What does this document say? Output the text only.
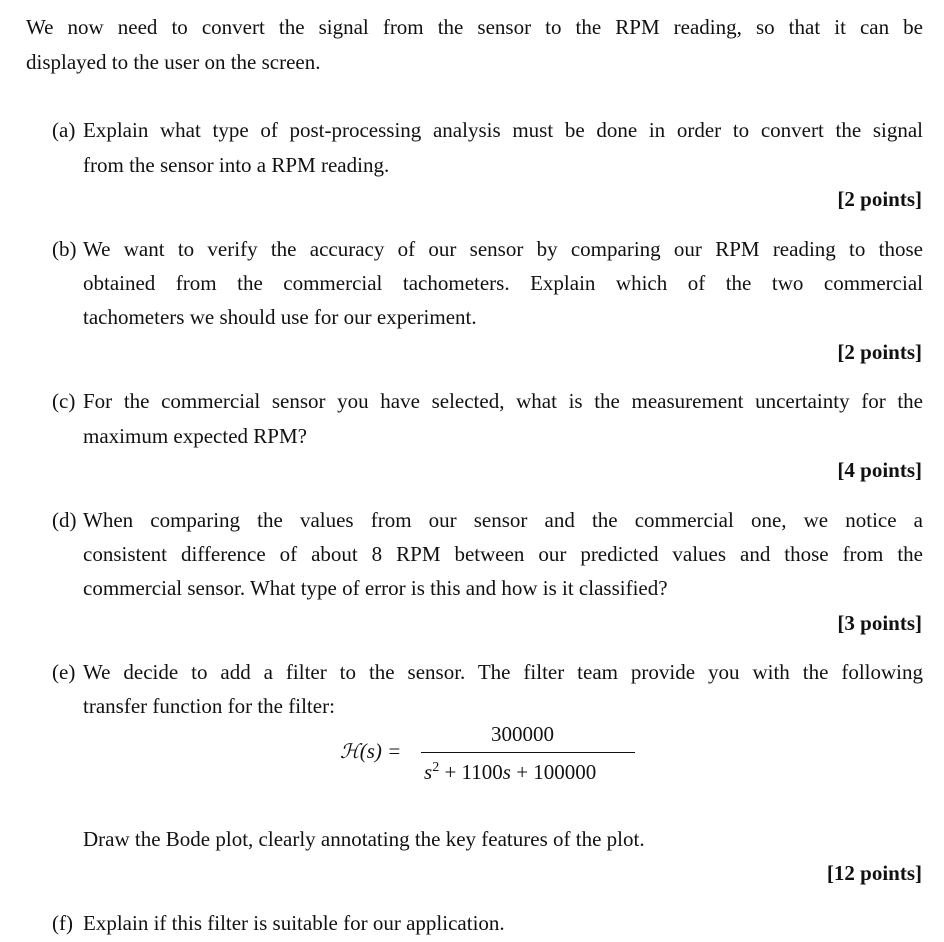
We now need to convert the signal from the sensor to the RPM reading, so that it can be
displayed to the user on the screen.
(a) Explain what type of post-processing analysis must be done in order to convert the signal
from the sensor into a RPM reading.
[2 points]
(b) We want to verify the accuracy of our sensor by comparing our RPM reading to those
obtained from the commercial tachometers. Explain which of the two commercial
tachometers we should use for our experiment.
[2 points]
(c) For the commercial sensor you have selected, what is the measurement uncertainty for the
maximum expected RPM?
[4 points]
(d) When comparing the values from our sensor and the commercial one, we notice a
consistent difference of about 8 RPM between our predicted values and those from the
commercial sensor. What type of error is this and how is it classified?
[3 points]
(e) We decide to add a filter to the sensor. The filter team provide you with the following
transfer function for the filter:
ℋ(s) =
300000
$s^2 + 1100s + 100000$
Draw the Bode plot, clearly annotating the key features of the plot.
[12 points]
(f) Explain if this filter is suitable for our application.
